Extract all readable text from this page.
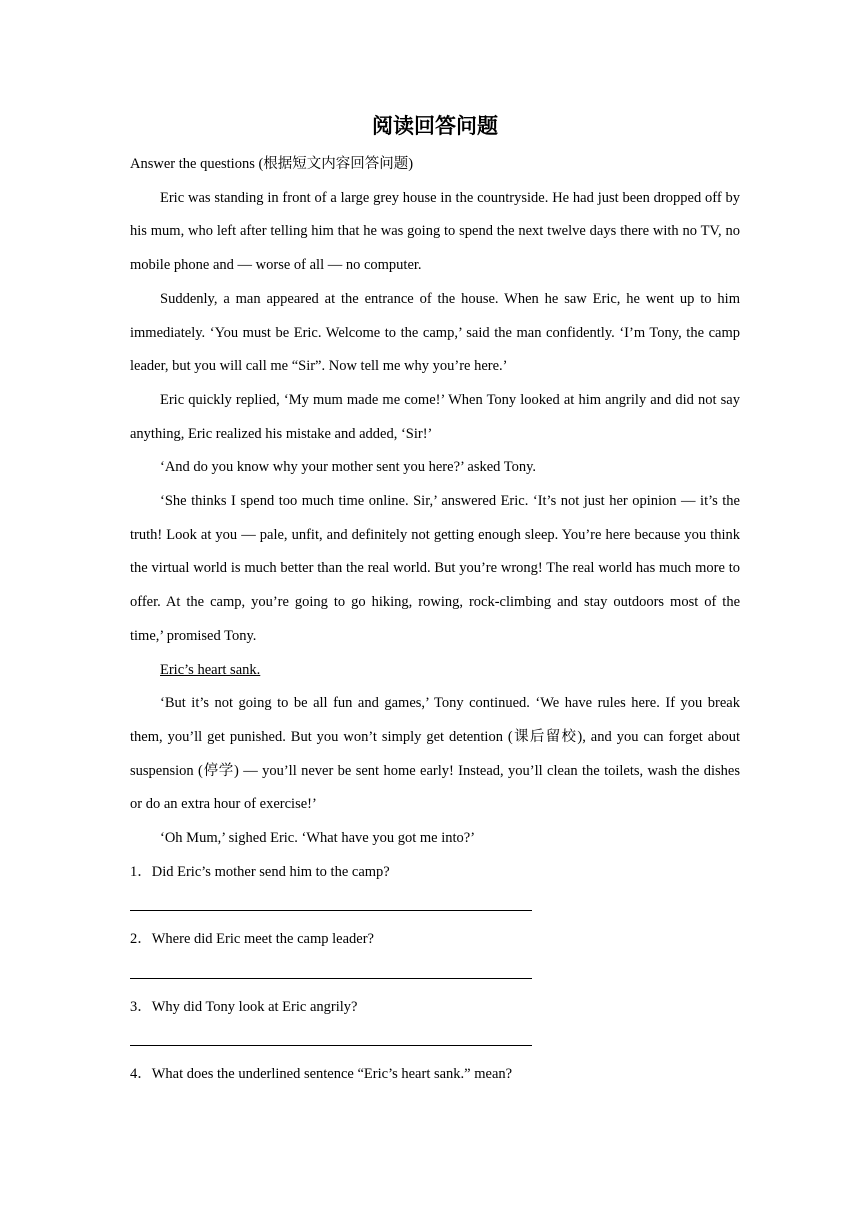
阅读回答问题
Answer the questions (根据短文内容回答问题)

Eric was standing in front of a large grey house in the countryside. He had just been dropped off by his mum, who left after telling him that he was going to spend the next twelve days there with no TV, no mobile phone and — worse of all — no computer.

Suddenly, a man appeared at the entrance of the house. When he saw Eric, he went up to him immediately. ‘You must be Eric. Welcome to the camp,’ said the man confidently. ‘I’m Tony, the camp leader, but you will call me “Sir”. Now tell me why you’re here.’

Eric quickly replied, ‘My mum made me come!’ When Tony looked at him angrily and did not say anything, Eric realized his mistake and added, ‘Sir!’

‘And do you know why your mother sent you here?’ asked Tony.

‘She thinks I spend too much time online. Sir,’ answered Eric. ‘It’s not just her opinion — it’s the truth! Look at you — pale, unfit, and definitely not getting enough sleep. You’re here because you think the virtual world is much better than the real world. But you’re wrong! The real world has much more to offer. At the camp, you’re going to go hiking, rowing, rock-climbing and stay outdoors most of the time,’ promised Tony.

Eric’s heart sank.

‘But it’s not going to be all fun and games,’ Tony continued. ‘We have rules here. If you break them, you’ll get punished. But you won’t simply get detention (课后留校), and you can forget about suspension (停学) — you’ll never be sent home early! Instead, you’ll clean the toilets, wash the dishes or do an extra hour of exercise!’

‘Oh Mum,’ sighed Eric. ‘What have you got me into?’

1．Did Eric’s mother send him to the camp?
2．Where did Eric meet the camp leader?
3．Why did Tony look at Eric angrily?
4．What does the underlined sentence “Eric’s heart sank.” mean?
